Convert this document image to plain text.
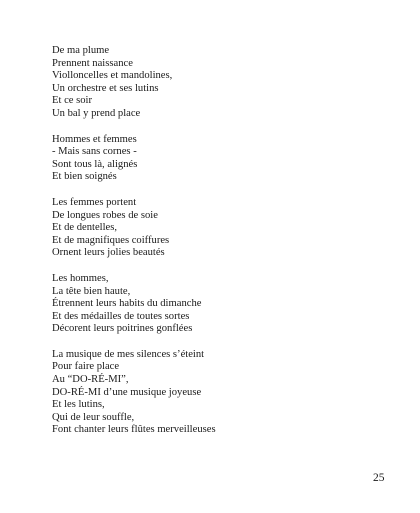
De ma plume
Prennent naissance
Violloncelles et mandolines,
Un orchestre et ses lutins
Et ce soir
Un bal y prend place
Hommes et femmes
- Mais sans cornes -
Sont tous là, alignés
Et bien soignés
Les femmes portent
De longues robes de soie
Et de dentelles,
Et de magnifiques coiffures
Ornent leurs jolies beautés
Les hommes,
La tête bien haute,
Étrennent leurs habits du dimanche
Et des médailles de toutes sortes
Décorent leurs poitrines gonflées
La musique de mes silences s’éteint
Pour faire place
Au “DO-RÉ-MI”,
DO-RÉ-MI d’une musique joyeuse
Et les lutins,
Qui de leur souffle,
Font chanter leurs flûtes merveilleuses
25
